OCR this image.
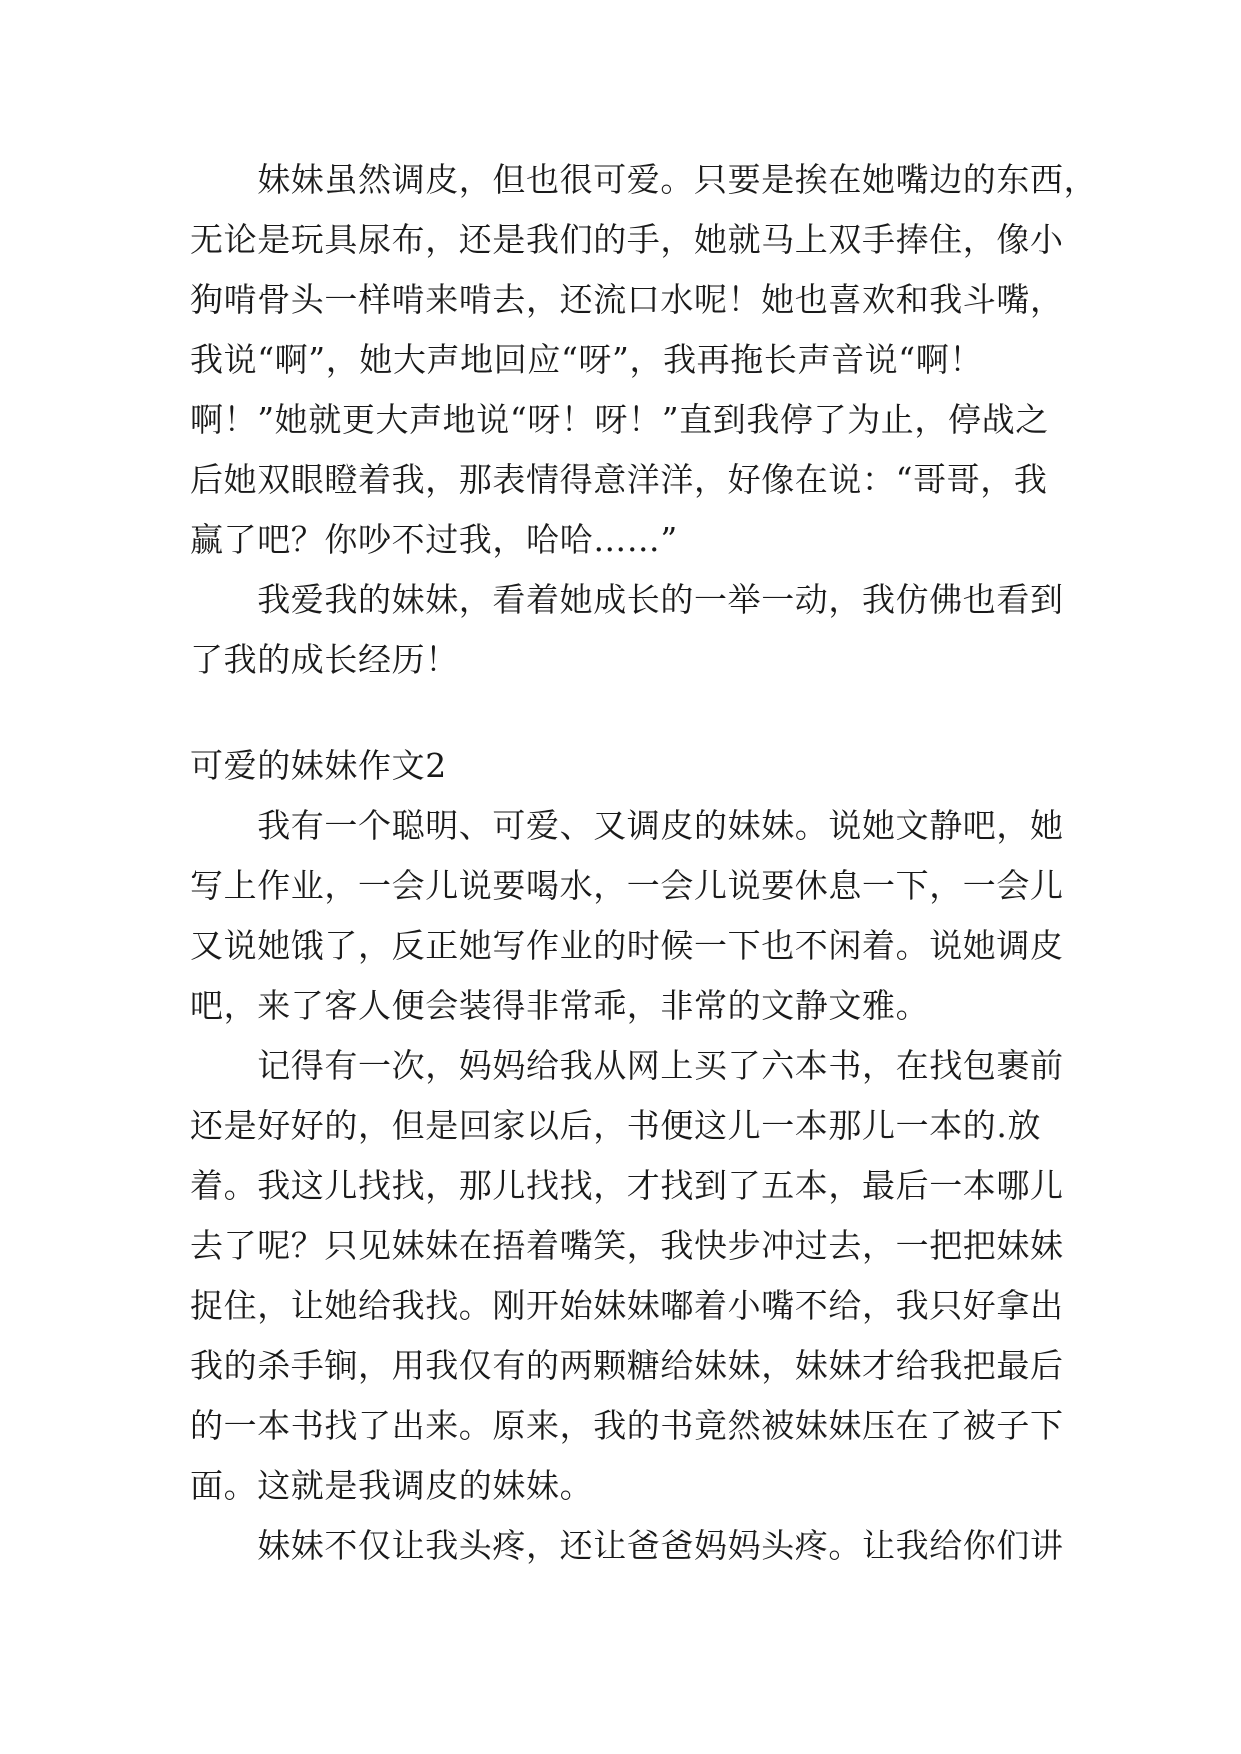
　　妹妹虽然调皮，但也很可爱。只要是挨在她嘴边的东西，
无论是玩具尿布，还是我们的手，她就马上双手捧住，像小
狗啃骨头一样啃来啃去，还流口水呢！她也喜欢和我斗嘴，
我说“啊”，她大声地回应“呀”，我再拖长声音说“啊！
啊！”她就更大声地说“呀！呀！”直到我停了为止，停战之
后她双眼瞪着我，那表情得意洋洋，好像在说：“哥哥，我
赢了吧？你吵不过我，哈哈……”
　　我爱我的妹妹，看着她成长的一举一动，我仿佛也看到
了我的成长经历！
可爱的妹妹作文2
　　我有一个聪明、可爱、又调皮的妹妹。说她文静吧，她
写上作业，一会儿说要喝水，一会儿说要休息一下，一会儿
又说她饿了，反正她写作业的时候一下也不闲着。说她调皮
吧，来了客人便会装得非常乖，非常的文静文雅。
　　记得有一次，妈妈给我从网上买了六本书，在找包裹前
还是好好的，但是回家以后，书便这儿一本那儿一本的.放
着。我这儿找找，那儿找找，才找到了五本，最后一本哪儿
去了呢？只见妹妹在捂着嘴笑，我快步冲过去，一把把妹妹
捉住，让她给我找。刚开始妹妹嘟着小嘴不给，我只好拿出
我的杀手锏，用我仅有的两颗糖给妹妹，妹妹才给我把最后
的一本书找了出来。原来，我的书竟然被妹妹压在了被子下
面。这就是我调皮的妹妹。
　　妹妹不仅让我头疼，还让爸爸妈妈头疼。让我给你们讲
